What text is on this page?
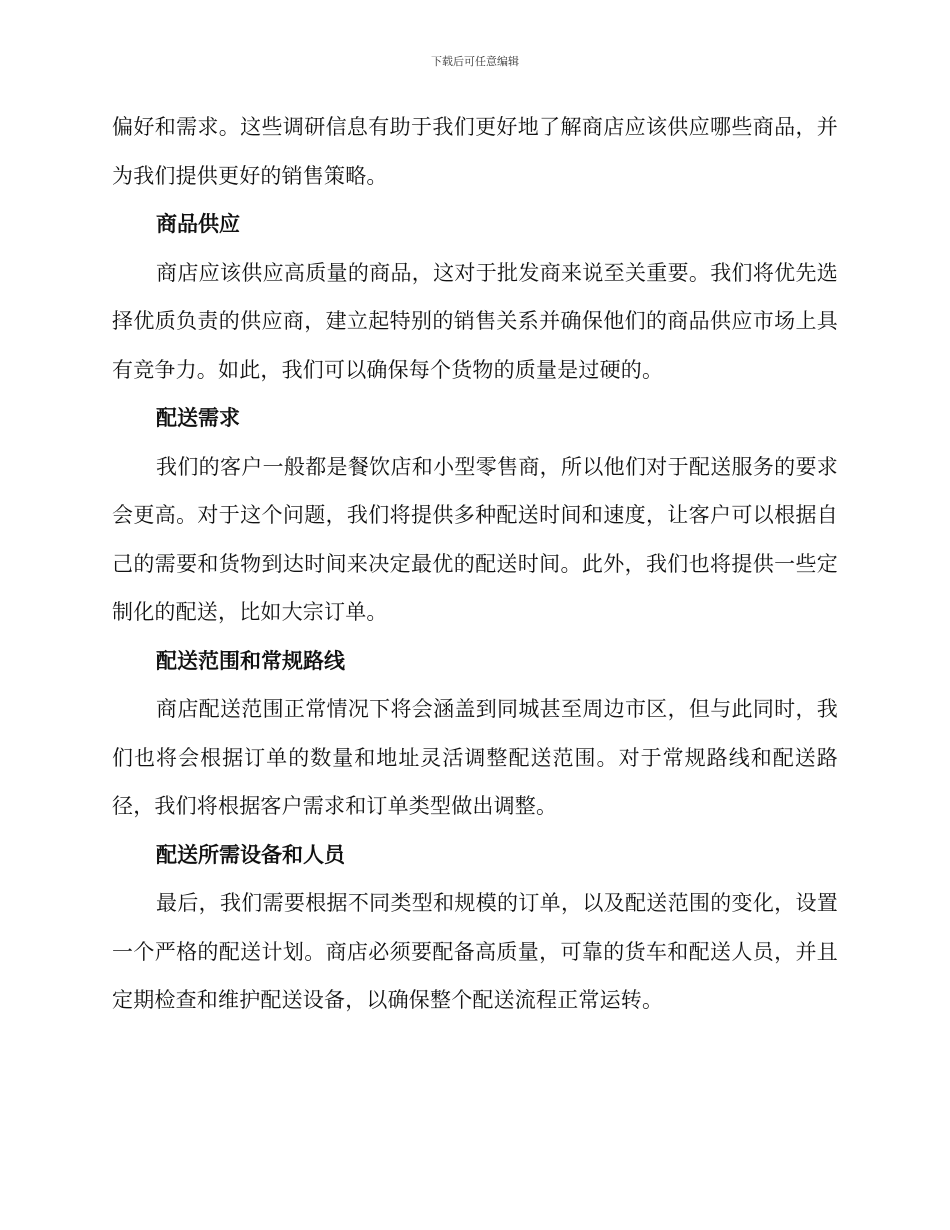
下载后可任意编辑

偏好和需求。这些调研信息有助于我们更好地了解商店应该供应哪些商品，并为我们提供更好的销售策略。

商品供应

商店应该供应高质量的商品，这对于批发商来说至关重要。我们将优先选择优质负责的供应商，建立起特别的销售关系并确保他们的商品供应市场上具有竞争力。如此，我们可以确保每个货物的质量是过硬的。

配送需求

我们的客户一般都是餐饮店和小型零售商，所以他们对于配送服务的要求会更高。对于这个问题，我们将提供多种配送时间和速度，让客户可以根据自己的需要和货物到达时间来决定最优的配送时间。此外，我们也将提供一些定制化的配送，比如大宗订单。

配送范围和常规路线

商店配送范围正常情况下将会涵盖到同城甚至周边市区，但与此同时，我们也将会根据订单的数量和地址灵活调整配送范围。对于常规路线和配送路径，我们将根据客户需求和订单类型做出调整。

配送所需设备和人员

最后，我们需要根据不同类型和规模的订单，以及配送范围的变化，设置一个严格的配送计划。商店必须要配备高质量，可靠的货车和配送人员，并且定期检查和维护配送设备，以确保整个配送流程正常运转。
